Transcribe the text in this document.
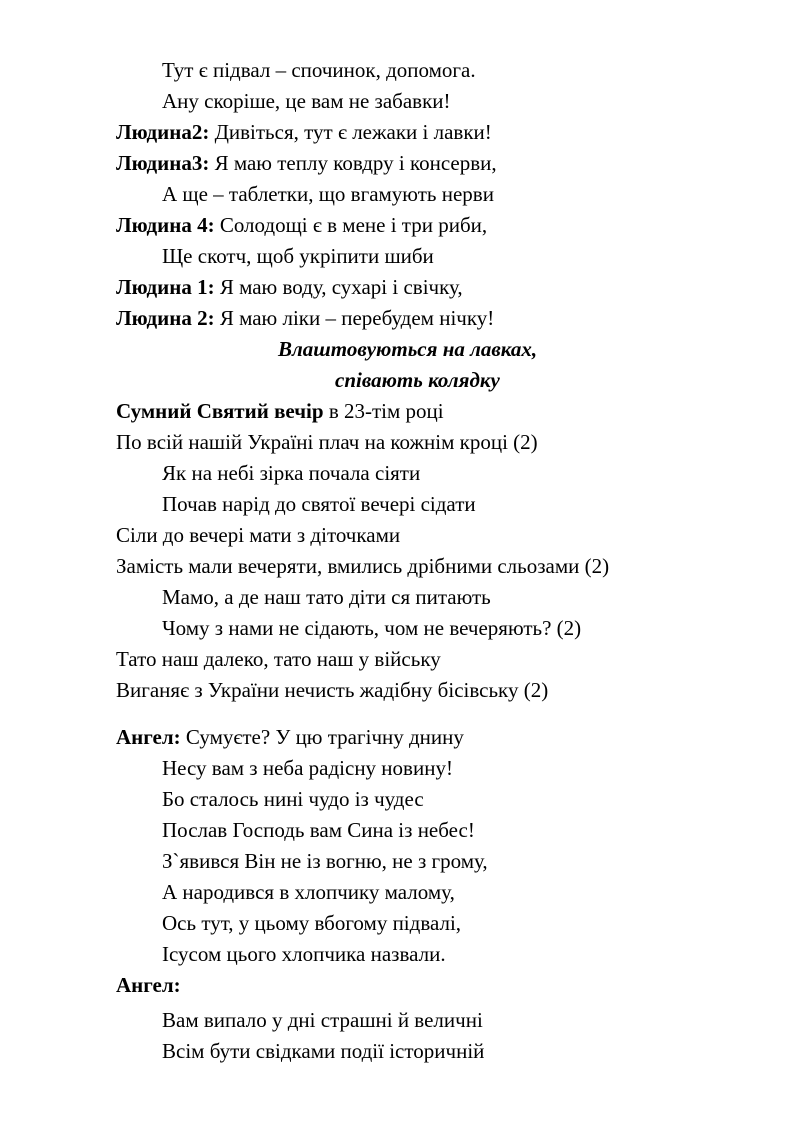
Тут є підвал – спочинок, допомога.
Ану скоріше, це вам не забавки!
Людина2: Дивіться, тут є лежаки і лавки!
Людина3: Я маю теплу ковдру і консерви,
А ще – таблетки, що вгамують нерви
Людина 4: Солодощі є в мене і три риби,
Ще скотч, щоб укріпити шиби
Людина 1: Я маю воду, сухарі і свічку,
Людина 2: Я маю ліки – перебудем нічку!
Влаштовуються на лавках,
співають колядку
Сумний Святий вечір в 23-тім році
По всій нашій Україні плач на кожнім кроці (2)
Як на небі зірка почала сіяти
Почав нарід до святої вечері сідати
Сіли до вечері мати з діточками
Замість мали вечеряти, вмились дрібними сльозами (2)
Мамо, а де наш тато діти ся питають
Чому з нами не сідають, чом не вечеряють? (2)
Тато наш далеко, тато наш у війську
Виганяє з України нечисть жадібну бісівську (2)
Ангел: Сумуєте? У цю трагічну днину
Несу вам з неба радісну новину!
Бо сталось нині чудо із чудес
Послав Господь вам Сина із небес!
З`явився Він не із вогню, не з грому,
А народився в хлопчику малому,
Ось тут, у цьому вбогому підвалі,
Ісусом цього хлопчика назвали.
Ангел:
Вам випало у дні страшні й величні
Всім бути свідками події історичній
